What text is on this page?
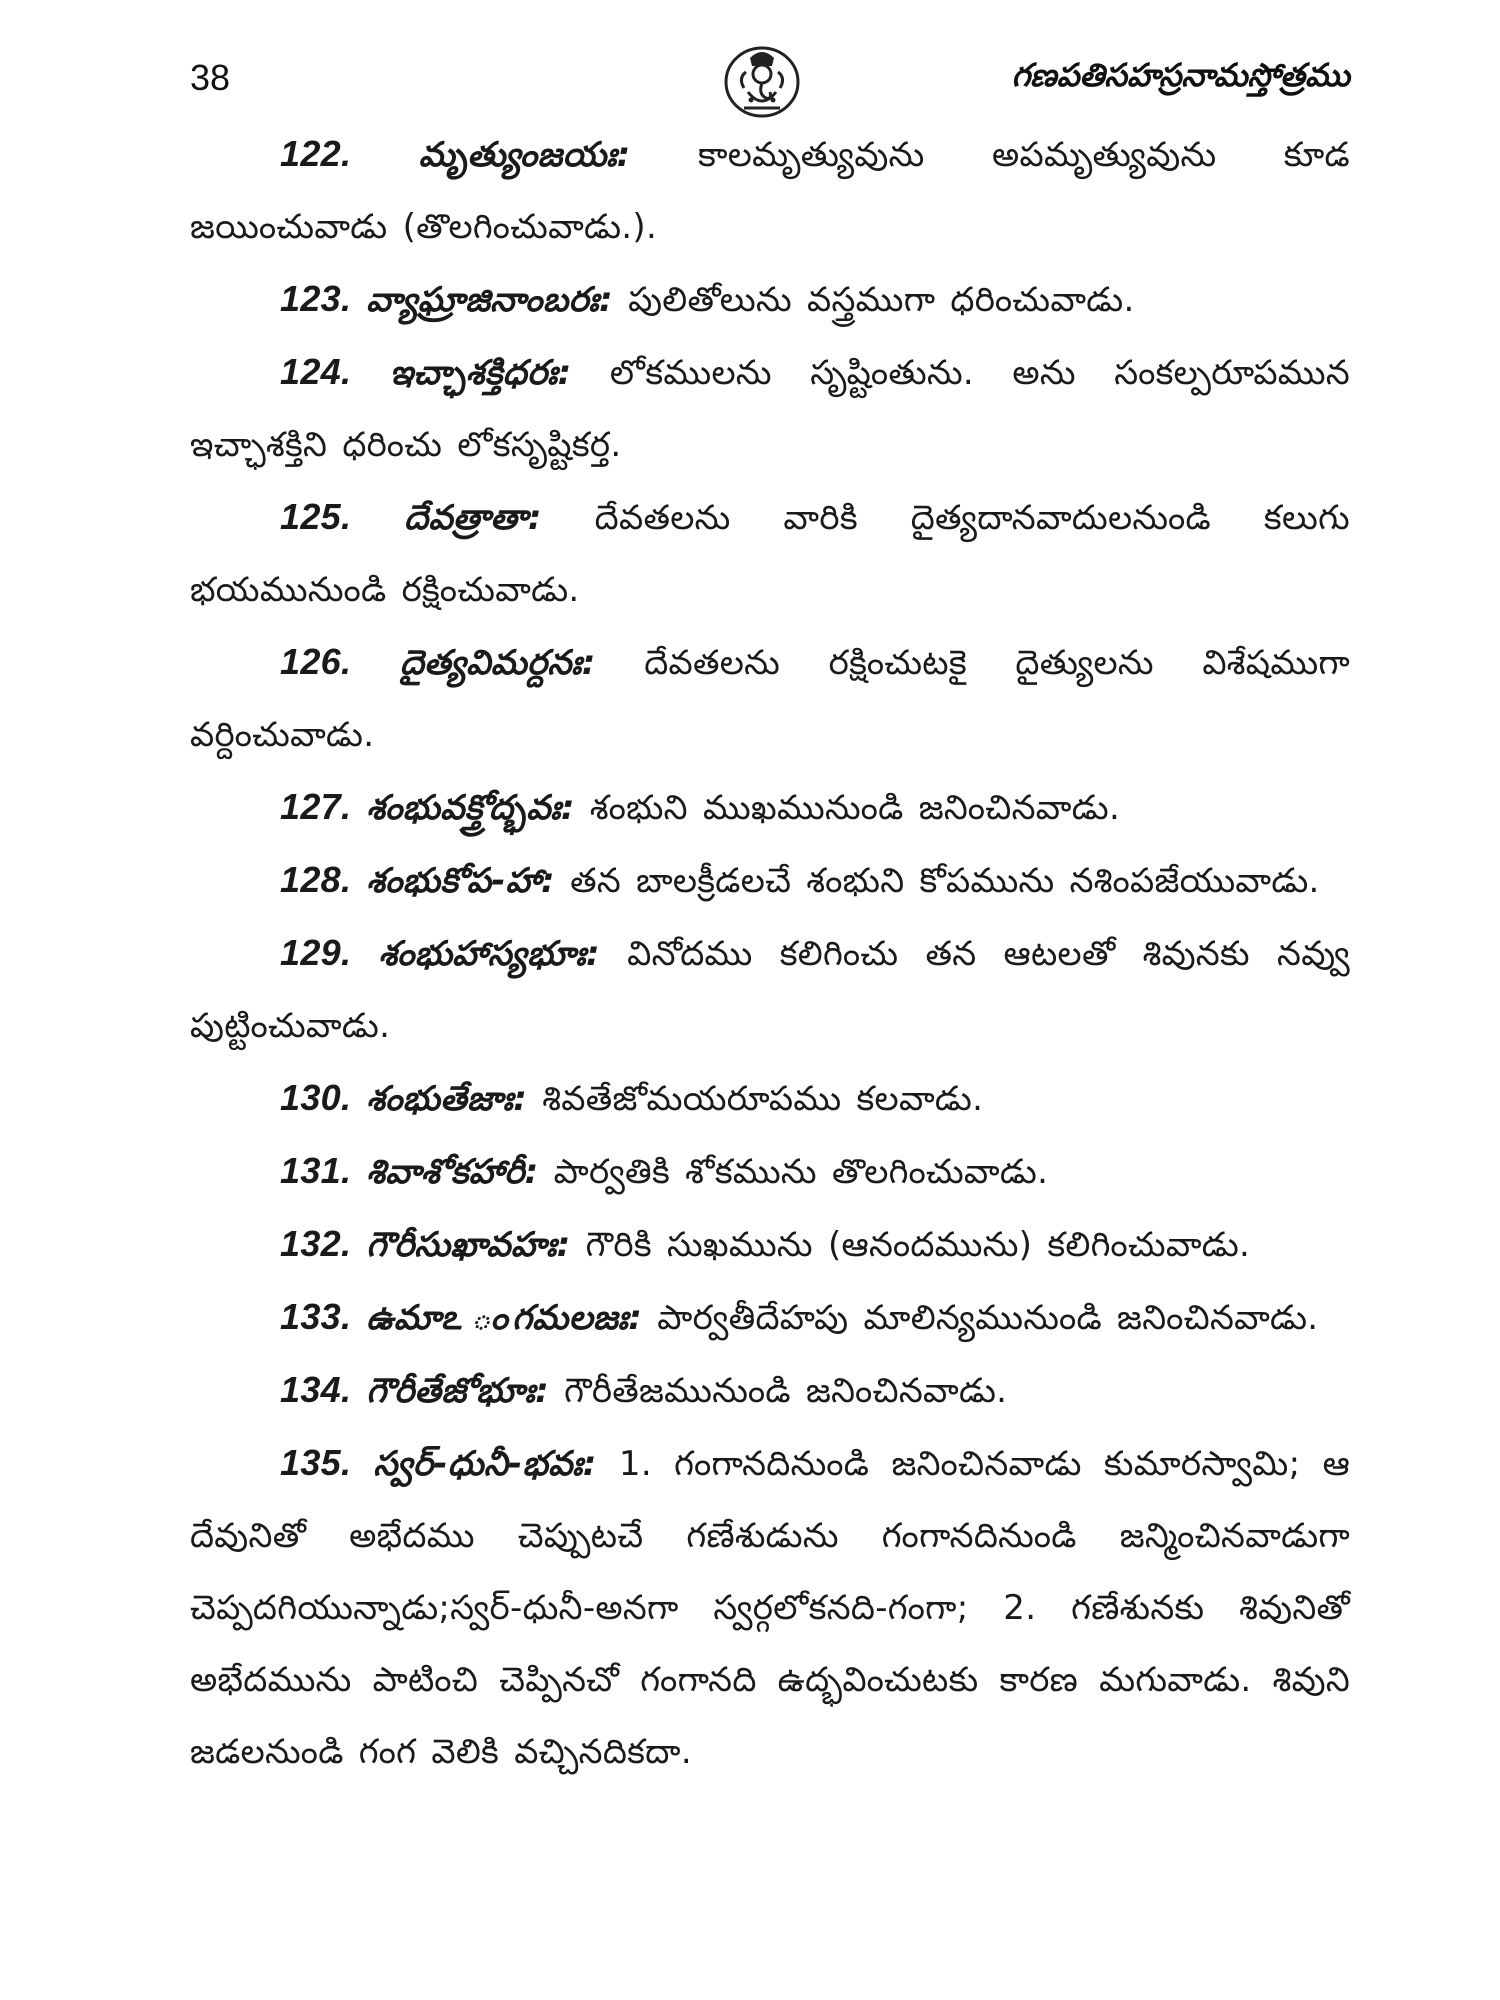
38	గణపతిసహస్రనామస్తోత్రము

122. మృత్యుంజయః: కాలమృత్యువును అపమృత్యువును కూడ జయించువాడు (తొలగించువాడు.).

123. వ్యాఘ్రాజినాంబరః: పులితోలును వస్త్రముగా ధరించువాడు.

124. ఇచ్ఛాశక్తిధరః: లోకములను సృష్టింతును. అను సంకల్పరూపమున ఇచ్ఛాశక్తిని ధరించు లోకసృష్టికర్త.

125. దేవత్రాతా: దేవతలను వారికి దైత్యదానవాదులనుండి కలుగు భయమునుండి రక్షించువాడు.

126. దైత్యవిమర్దనః: దేవతలను రక్షించుటకై దైత్యులను విశేషముగా వర్దించువాడు.

127. శంభువక్త్రోద్భవః: శంభుని ముఖమునుండి జనించినవాడు.

128. శంభుకోప-హా: తన బాలక్రీడలచే శంభుని కోపమును నశింపజేయువాడు.

129. శంభుహాస్యభూః: వినోదము కలిగించు తన ఆటలతో శివునకు నవ్వు పుట్టించువాడు.

130. శంభుతేజాః: శివతేజోమయరూపము కలవాడు.

131. శివాశోకహారీ: పార్వతికి శోకమును తొలగించువాడు.

132. గౌరీసుఖావహః: గౌరికి సుఖమును (ఆనందమును) కలిగించువాడు.

133. ఉమాఽ ంగమలజః: పార్వతీదేహపు మాలిన్యమునుండి జనించినవాడు.

134. గౌరీతేజోభూః: గౌరీతేజమునుండి జనించినవాడు.

135. స్వర్-ధునీ-భవః: 1. గంగానదినుండి జనించినవాడు కుమారస్వామి; ఆ దేవునితో అభేదము చెప్పుటచే గణేశుడును గంగానదినుండి జన్మించినవాడుగా చెప్పదగియున్నాడు;స్వర్-ధునీ-అనగా స్వర్గలోకనది-గంగా; 2. గణేశునకు శివునితో అభేదమును పాటించి చెప్పినచో గంగానది ఉద్భవించుటకు కారణ మగువాడు. శివుని జడలనుండి గంగ వెలికి వచ్చినదికదా.
